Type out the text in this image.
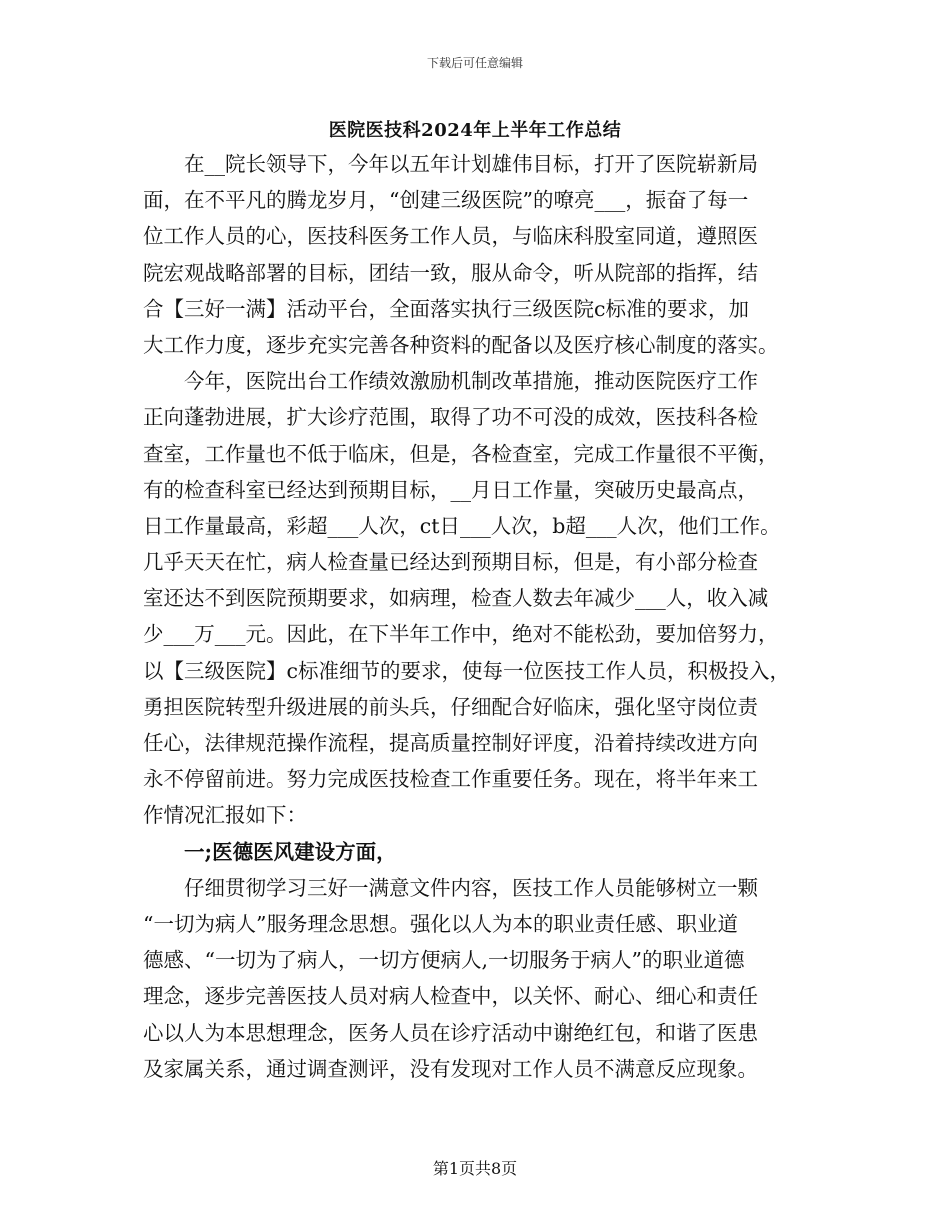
下载后可任意编辑
医院医技科2024年上半年工作总结
　　在__院长领导下，今年以五年计划雄伟目标，打开了医院崭新局
面，在不平凡的腾龙岁月，“创建三级医院”的嘹亮___，振奋了每一
位工作人员的心，医技科医务工作人员，与临床科股室同道，遵照医
院宏观战略部署的目标，团结一致，服从命令，听从院部的指挥，结
合【三好一满】活动平台，全面落实执行三级医院c标准的要求，加
大工作力度，逐步充实完善各种资料的配备以及医疗核心制度的落实。
　　今年，医院出台工作绩效激励机制改革措施，推动医院医疗工作
正向蓬勃进展，扩大诊疗范围，取得了功不可没的成效，医技科各检
查室，工作量也不低于临床，但是，各检查室，完成工作量很不平衡，
有的检查科室已经达到预期目标，__月日工作量，突破历史最高点，
日工作量最高，彩超___人次，ct日___人次，b超___人次，他们工作。
几乎天天在忙，病人检查量已经达到预期目标，但是，有小部分检查
室还达不到医院预期要求，如病理，检查人数去年减少___人，收入减
少___万___元。因此，在下半年工作中，绝对不能松劲，要加倍努力，
以【三级医院】c标准细节的要求，使每一位医技工作人员，积极投入，
勇担医院转型升级进展的前头兵，仔细配合好临床，强化坚守岗位责
任心，法律规范操作流程，提高质量控制好评度，沿着持续改进方向
永不停留前进。努力完成医技检查工作重要任务。现在，将半年来工
作情况汇报如下：
　　一;医德医风建设方面，
　　仔细贯彻学习三好一满意文件内容，医技工作人员能够树立一颗
“一切为病人”服务理念思想。强化以人为本的职业责任感、职业道
德感、“一切为了病人，一切方便病人,一切服务于病人”的职业道德
理念，逐步完善医技人员对病人检查中，以关怀、耐心、细心和责任
心以人为本思想理念，医务人员在诊疗活动中谢绝红包，和谐了医患
及家属关系，通过调查测评，没有发现对工作人员不满意反应现象。
第1页共8页
